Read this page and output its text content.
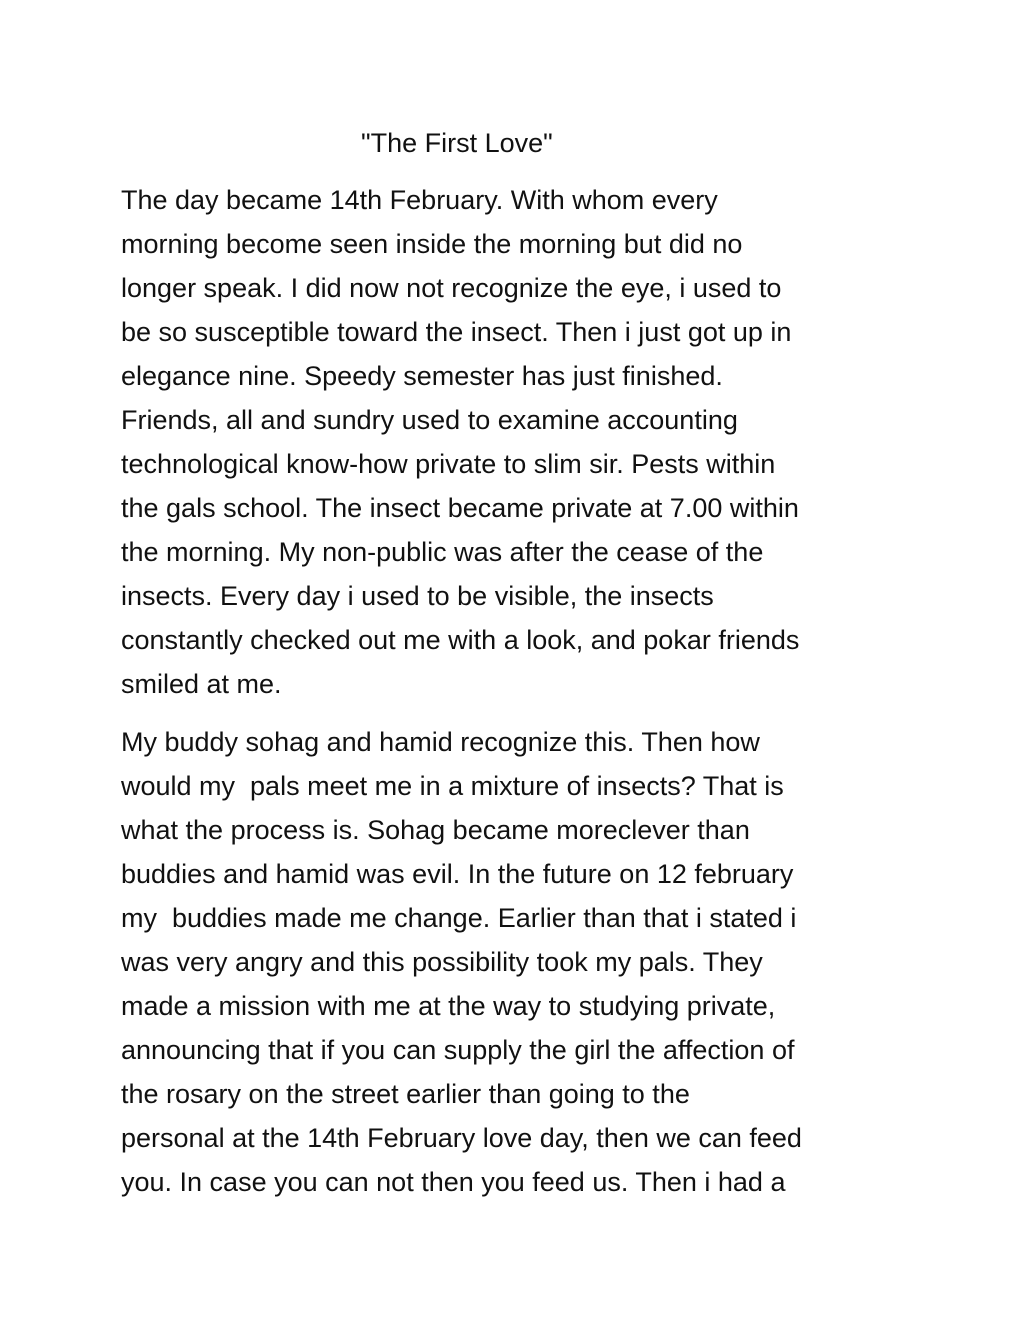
"The First Love"

The day became 14th February. With whom every

morning become seen inside the morning but did no

longer speak. I did now not recognize the eye, i used to

be so susceptible toward the insect. Then i just got up in

elegance nine. Speedy semester has just finished.

Friends, all and sundry used to examine accounting

technological know-how private to slim sir. Pests within

the gals school. The insect became private at 7.00 within

the morning. My non-public was after the cease of the

insects. Every day i used to be visible, the insects

constantly checked out me with a look, and pokar friends

smiled at me.

My buddy sohag and hamid recognize this. Then how

would my  pals meet me in a mixture of insects? That is

what the process is. Sohag became moreclever than

buddies and hamid was evil. In the future on 12 february

my  buddies made me change. Earlier than that i stated i

was very angry and this possibility took my pals. They

made a mission with me at the way to studying private,

announcing that if you can supply the girl the affection of

the rosary on the street earlier than going to the

personal at the 14th February love day, then we can feed

you. In case you can not then you feed us. Then i had a
